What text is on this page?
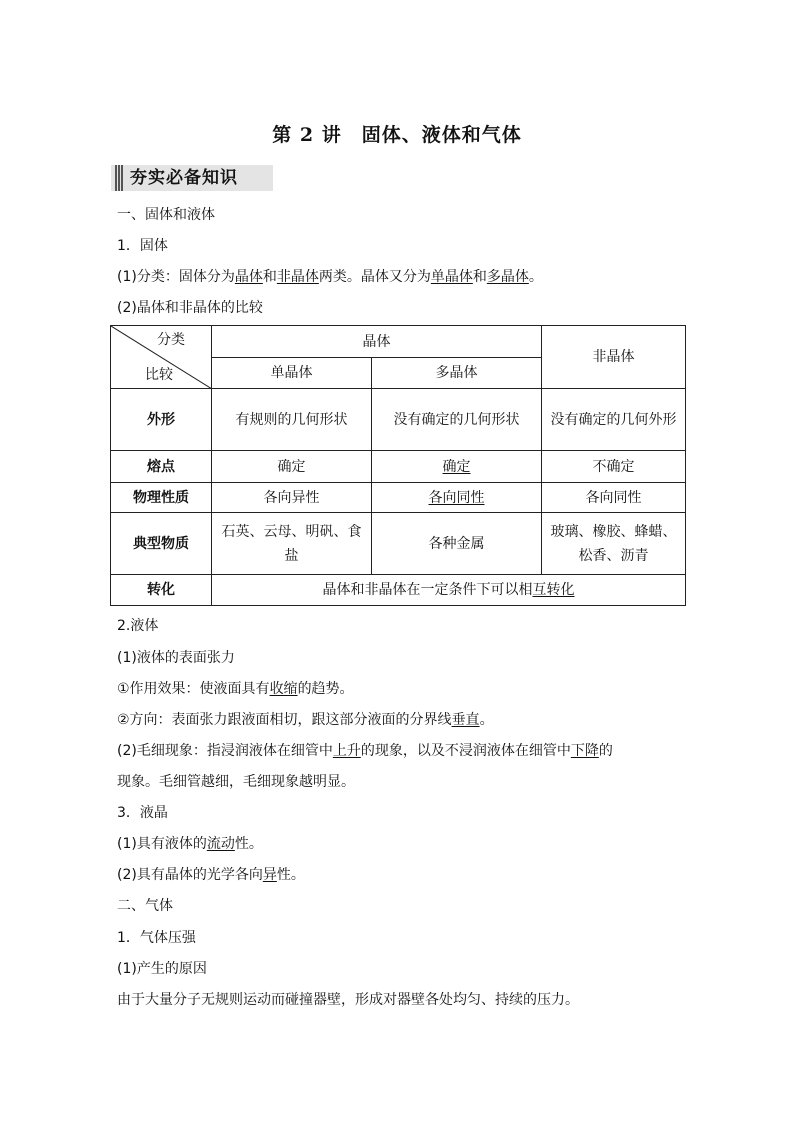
第 2 讲　固体、液体和气体
夯实必备知识
一、固体和液体
1．固体
(1)分类：固体分为晶体和非晶体两类。晶体又分为单晶体和多晶体。
(2)晶体和非晶体的比较
分类
比较	晶体		非晶体
	单晶体	多晶体	
外形	有规则的几何形状	没有确定的几何形状	没有确定的几何外形
熔点	确定	确定	不确定
物理性质	各向异性	各向同性	各向同性
典型物质	石英、云母、明矾、食盐	各种金属	玻璃、橡胶、蜂蜡、松香、沥青
转化	晶体和非晶体在一定条件下可以相互转化		
2.液体
(1)液体的表面张力
①作用效果：使液面具有收缩的趋势。
②方向：表面张力跟液面相切，跟这部分液面的分界线垂直。
(2)毛细现象：指浸润液体在细管中上升的现象，以及不浸润液体在细管中下降的
现象。毛细管越细，毛细现象越明显。
3．液晶
(1)具有液体的流动性。
(2)具有晶体的光学各向异性。
二、气体
1．气体压强
(1)产生的原因
由于大量分子无规则运动而碰撞器壁，形成对器壁各处均匀、持续的压力。
